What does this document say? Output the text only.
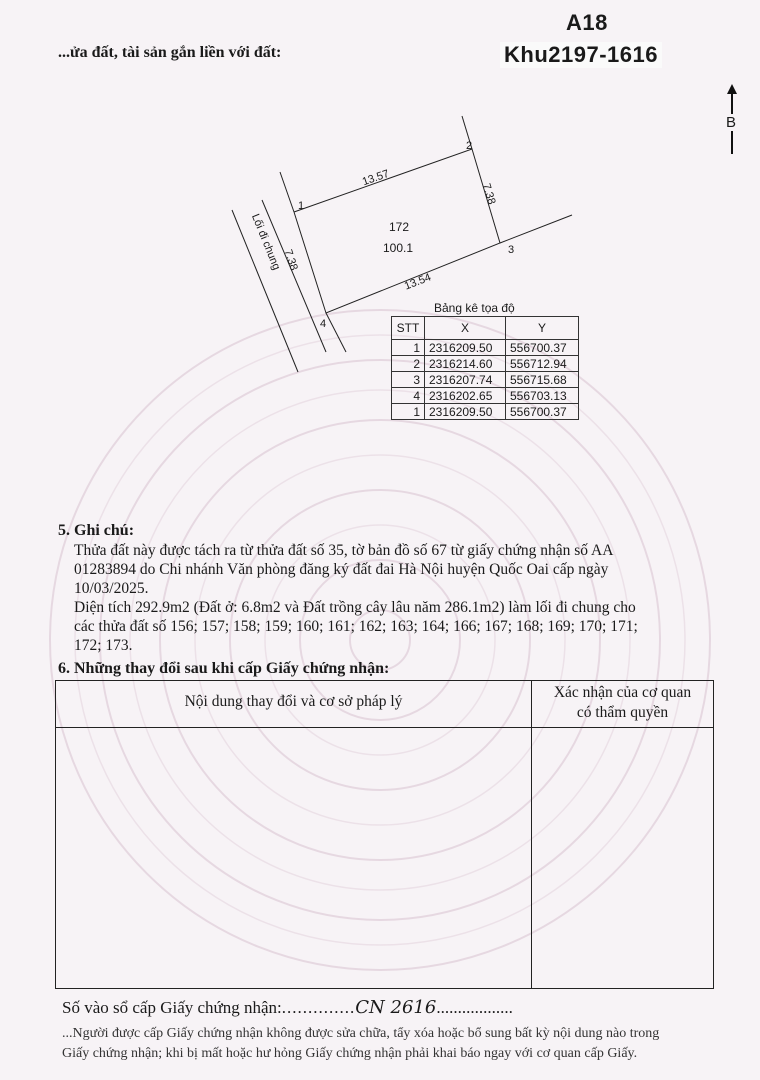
...ửa đất, tài sản gắn liền với đất:
A18
Khu2197-1616
B
1
2
3
4
13.57
7.38
13.54
7.38
Lối đi chung	172
100.1
Bảng kê tọa độ
STT	X	Y
1	2316209.50	556700.37
2	2316214.60	556712.94
3	2316207.74	556715.68
4	2316202.65	556703.13
1	2316209.50	556700.37
5. Ghi chú:
Thửa đất này được tách ra từ thửa đất số 35, tờ bản đồ số 67 từ giấy chứng nhận số AA
01283894 do Chi nhánh Văn phòng đăng ký đất đai Hà Nội huyện Quốc Oai cấp ngày
10/03/2025.
Diện tích 292.9m2 (Đất ở: 6.8m2 và Đất trồng cây lâu năm 286.1m2) làm lối đi chung cho
các thửa đất số 156; 157; 158; 159; 160; 161; 162; 163; 164; 166; 167; 168; 169; 170; 171;
172; 173.
6. Những thay đổi sau khi cấp Giấy chứng nhận:
Nội dung thay đổi và cơ sở pháp lý
Xác nhận của cơ quan
có thẩm quyền
Số vào sổ cấp Giấy chứng nhận:..............CN 2616..................
...Người được cấp Giấy chứng nhận không được sửa chữa, tẩy xóa hoặc bổ sung bất kỳ nội dung nào trong
Giấy chứng nhận; khi bị mất hoặc hư hỏng Giấy chứng nhận phải khai báo ngay với cơ quan cấp Giấy.
